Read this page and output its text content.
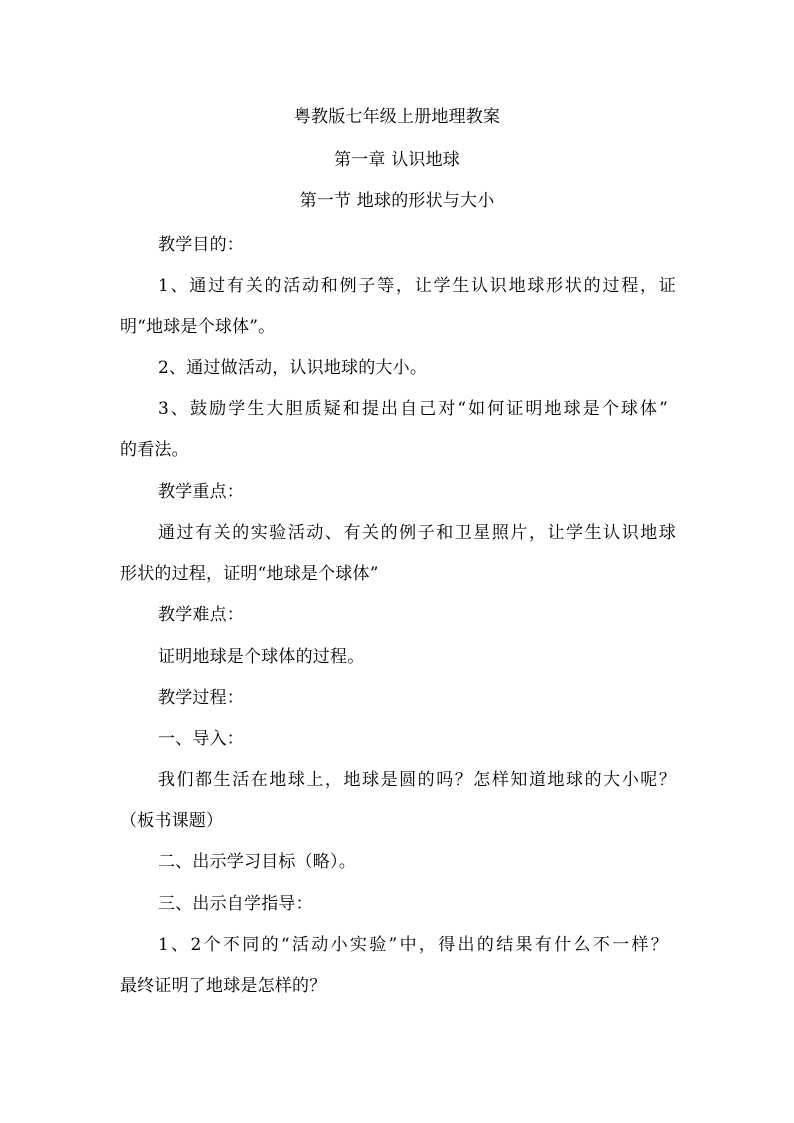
粤教版七年级上册地理教案
第一章 认识地球
第一节 地球的形状与大小
教学目的：
1、通过有关的活动和例子等，让学生认识地球形状的过程，证
明“地球是个球体”。
2、通过做活动，认识地球的大小。
3、鼓励学生大胆质疑和提出自己对“如何证明地球是个球体”
的看法。
教学重点：
通过有关的实验活动、有关的例子和卫星照片，让学生认识地球
形状的过程，证明“地球是个球体”
教学难点：
证明地球是个球体的过程。
教学过程：
一、导入：
我们都生活在地球上，地球是圆的吗？怎样知道地球的大小呢？
（板书课题）
二、出示学习目标（略）。
三、出示自学指导：
1、2个不同的“活动小实验”中，得出的结果有什么不一样？
最终证明了地球是怎样的？
